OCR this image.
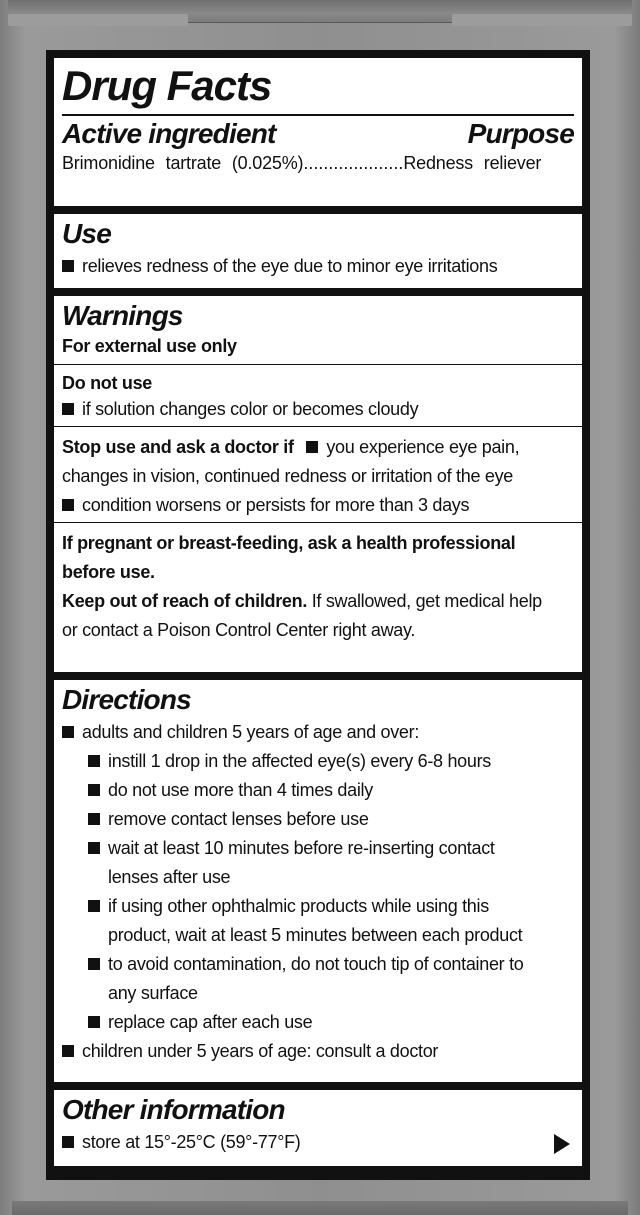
Drug Facts
Active ingredient	Purpose
Brimonidine tartrate (0.025%)....................Redness reliever
Use
relieves redness of the eye due to minor eye irritations
Warnings
For external use only
Do not use
if solution changes color or becomes cloudy
Stop use and ask a doctor if you experience eye pain,
changes in vision, continued redness or irritation of the eye
condition worsens or persists for more than 3 days
If pregnant or breast-feeding, ask a health professional
before use.
Keep out of reach of children. If swallowed, get medical help
or contact a Poison Control Center right away.
Directions
adults and children 5 years of age and over:
instill 1 drop in the affected eye(s) every 6-8 hours
do not use more than 4 times daily
remove contact lenses before use
wait at least 10 minutes before re-inserting contact
lenses after use
if using other ophthalmic products while using this
product, wait at least 5 minutes between each product
to avoid contamination, do not touch tip of container to
any surface
replace cap after each use
children under 5 years of age: consult a doctor
Other information
store at 15°-25°C (59°-77°F)
